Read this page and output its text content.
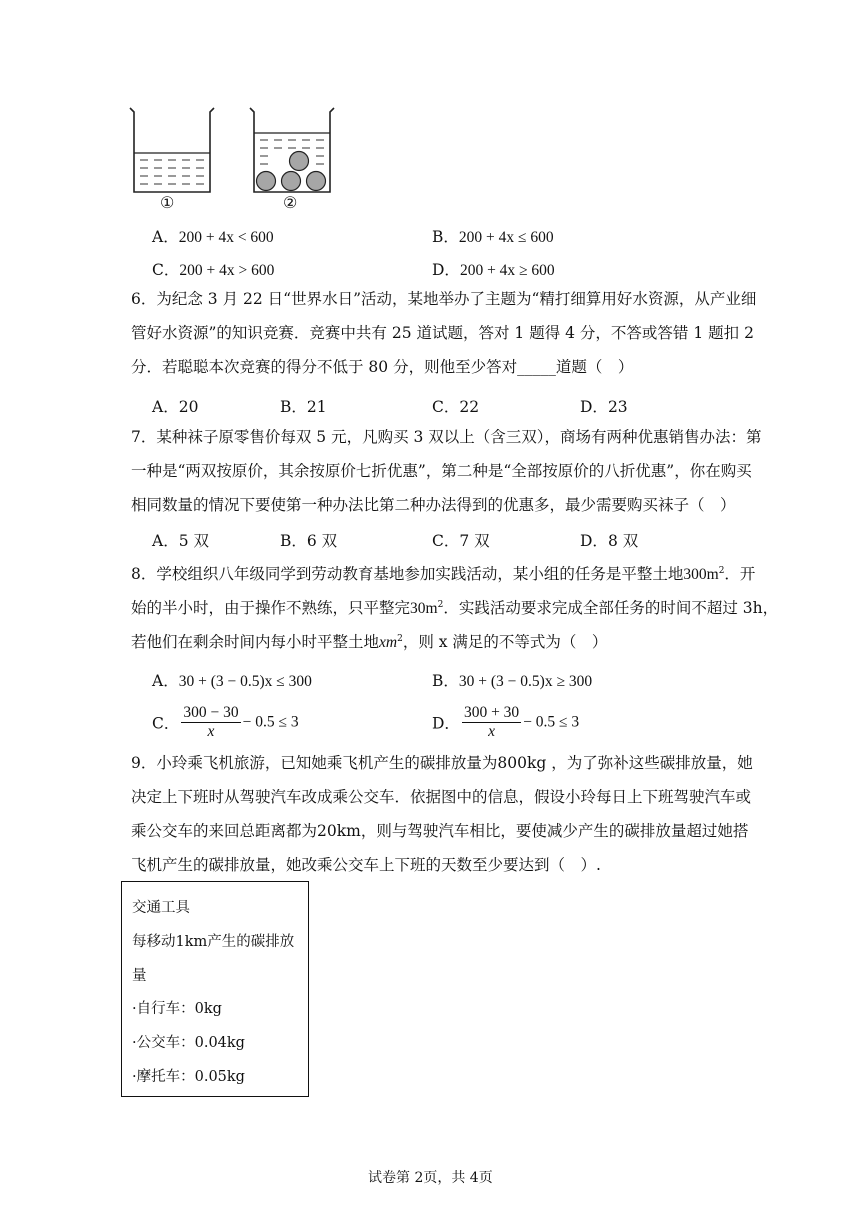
①	②
A．200 + 4x < 600	B．200 + 4x ≤ 600
C．200 + 4x > 600	D．200 + 4x ≥ 600
6．为纪念 3 月 22 日“世界水日”活动，某地举办了主题为“精打细算用好水资源，从产业细
管好水资源”的知识竞赛．竞赛中共有 25 道试题，答对 1 题得 4 分，不答或答错 1 题扣 2
分．若聪聪本次竞赛的得分不低于 80 分，则他至少答对_____道题（　）
A．20	B．21	C．22	D．23
7．某种袜子原零售价每双 5 元，凡购买 3 双以上（含三双），商场有两种优惠销售办法：第
一种是“两双按原价，其余按原价七折优惠”，第二种是“全部按原价的八折优惠”，你在购买
相同数量的情况下要使第一种办法比第二种办法得到的优惠多，最少需要购买袜子（　）
A．5 双	B．6 双	C．7 双	D．8 双
8．学校组织八年级同学到劳动教育基地参加实践活动，某小组的任务是平整土地$300m^2$．开
始的半小时，由于操作不熟练，只平整完$30m^2$．实践活动要求完成全部任务的时间不超过 3h，
若他们在剩余时间内每小时平整土地$xm^2$，则 x 满足的不等式为（　）
A．30 + (3 − 0.5)x ≤ 300	B．30 + (3 − 0.5)x ≥ 300
C． $\frac{300 - 30}{x} - 0.5 \le 3$	D． $\frac{300 + 30}{x} - 0.5 \le 3$
9．小玲乘飞机旅游，已知她乘飞机产生的碳排放量为800kg ，为了弥补这些碳排放量，她
决定上下班时从驾驶汽车改成乘公交车．依据图中的信息，假设小玲每日上下班驾驶汽车或
乘公交车的来回总距离都为20km，则与驾驶汽车相比，要使减少产生的碳排放量超过她搭
飞机产生的碳排放量，她改乘公交车上下班的天数至少要达到（　）.
交通工具
每移动1km产生的碳排放
量
·自行车：0kg
·公交车：0.04kg
·摩托车：0.05kg
试卷第 2页，共 4页
